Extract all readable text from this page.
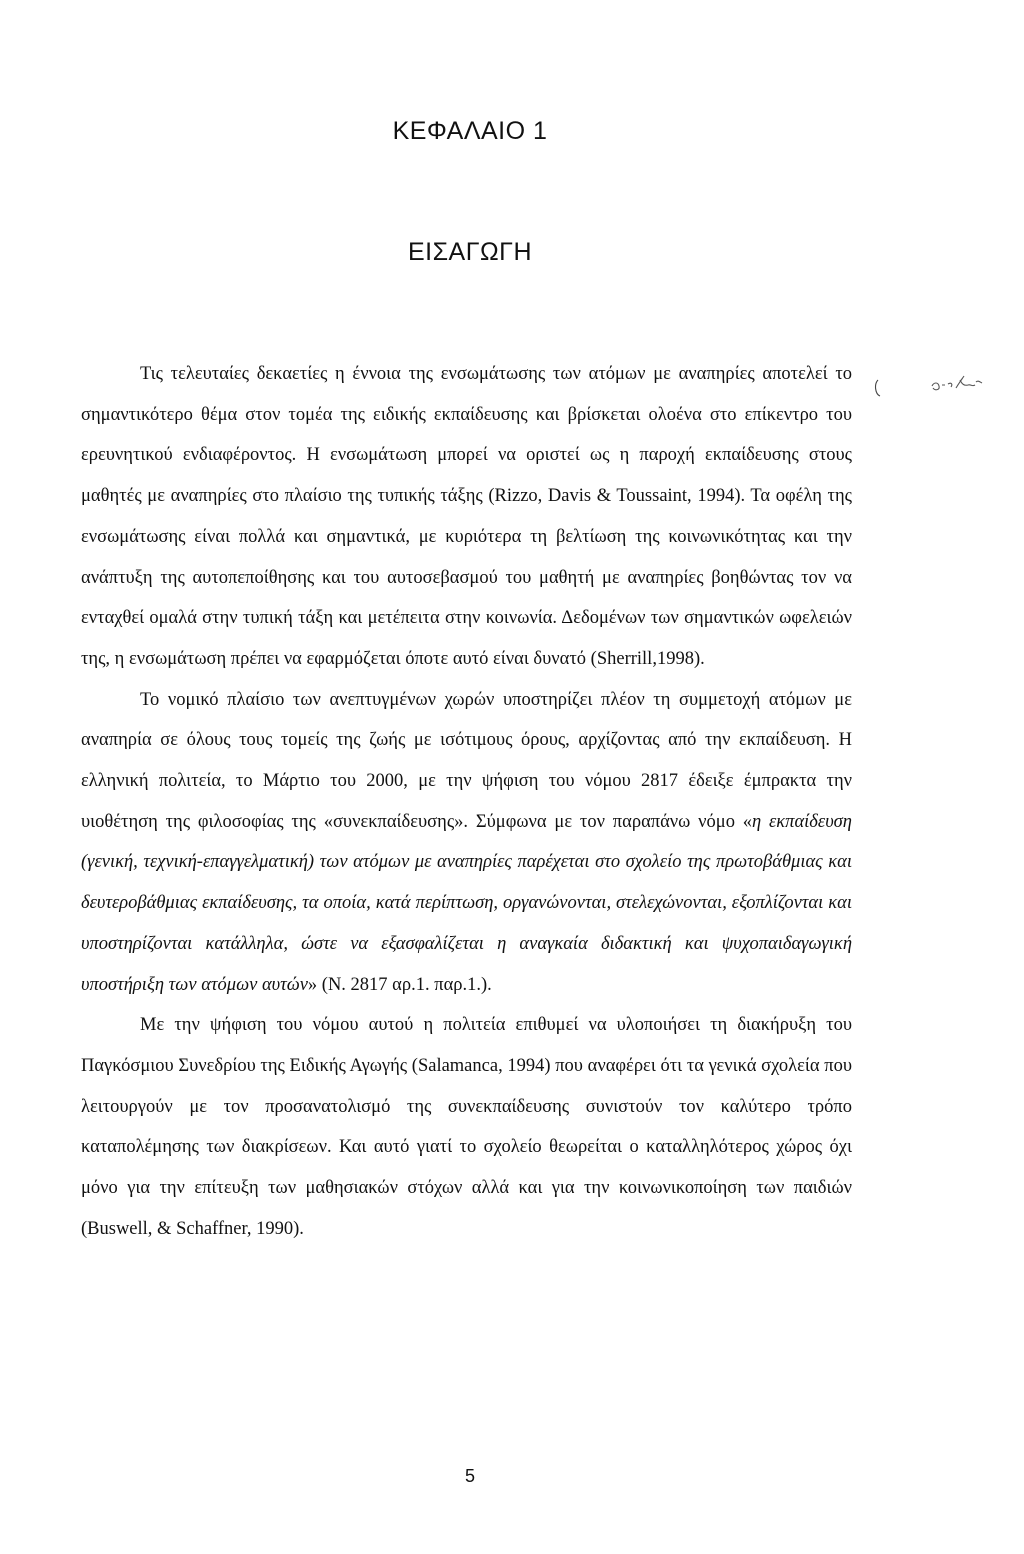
ΚΕΦΑΛΑΙΟ 1
ΕΙΣΑΓΩΓΗ

Τις τελευταίες δεκαετίες η έννοια της ενσωμάτωσης των ατόμων με αναπηρίες αποτελεί το σημαντικότερο θέμα στον τομέα της ειδικής εκπαίδευσης και βρίσκεται ολοένα στο επίκεντρο του ερευνητικού ενδιαφέροντος. Η ενσωμάτωση μπορεί να οριστεί ως η παροχή εκπαίδευσης στους μαθητές με αναπηρίες στο πλαίσιο της τυπικής τάξης (Rizzo, Davis & Toussaint, 1994). Τα οφέλη της ενσωμάτωσης είναι πολλά και σημαντικά, με κυριότερα τη βελτίωση της κοινωνικότητας και την ανάπτυξη της αυτοπεποίθησης και του αυτοσεβασμού του μαθητή με αναπηρίες βοηθώντας τον να ενταχθεί ομαλά στην τυπική τάξη και μετέπειτα στην κοινωνία. Δεδομένων των σημαντικών ωφελειών της, η ενσωμάτωση πρέπει να εφαρμόζεται όποτε αυτό είναι δυνατό (Sherrill,1998).

Το νομικό πλαίσιο των ανεπτυγμένων χωρών υποστηρίζει πλέον τη συμμετοχή ατόμων με αναπηρία σε όλους τους τομείς της ζωής με ισότιμους όρους, αρχίζοντας από την εκπαίδευση. Η ελληνική πολιτεία, το Μάρτιο του 2000, με την ψήφιση του νόμου 2817 έδειξε έμπρακτα την υιοθέτηση της φιλοσοφίας της «συνεκπαίδευσης». Σύμφωνα με τον παραπάνω νόμο «η εκπαίδευση (γενική, τεχνική-επαγγελματική) των ατόμων με αναπηρίες παρέχεται στο σχολείο της πρωτοβάθμιας και δευτεροβάθμιας εκπαίδευσης, τα οποία, κατά περίπτωση, οργανώνονται, στελεχώνονται, εξοπλίζονται και υποστηρίζονται κατάλληλα, ώστε να εξασφαλίζεται η αναγκαία διδακτική και ψυχοπαιδαγωγική υποστήριξη των ατόμων αυτών» (Ν. 2817 αρ.1. παρ.1.).

Με την ψήφιση του νόμου αυτού η πολιτεία επιθυμεί να υλοποιήσει τη διακήρυξη του Παγκόσμιου Συνεδρίου της Ειδικής Αγωγής (Salamanca, 1994) που αναφέρει ότι τα γενικά σχολεία που λειτουργούν με τον προσανατολισμό της συνεκπαίδευσης συνιστούν τον καλύτερο τρόπο καταπολέμησης των διακρίσεων. Και αυτό γιατί το σχολείο θεωρείται ο καταλληλότερος χώρος όχι μόνο για την επίτευξη των μαθησιακών στόχων αλλά και για την κοινωνικοποίηση των παιδιών (Buswell, & Schaffner, 1990).

5
